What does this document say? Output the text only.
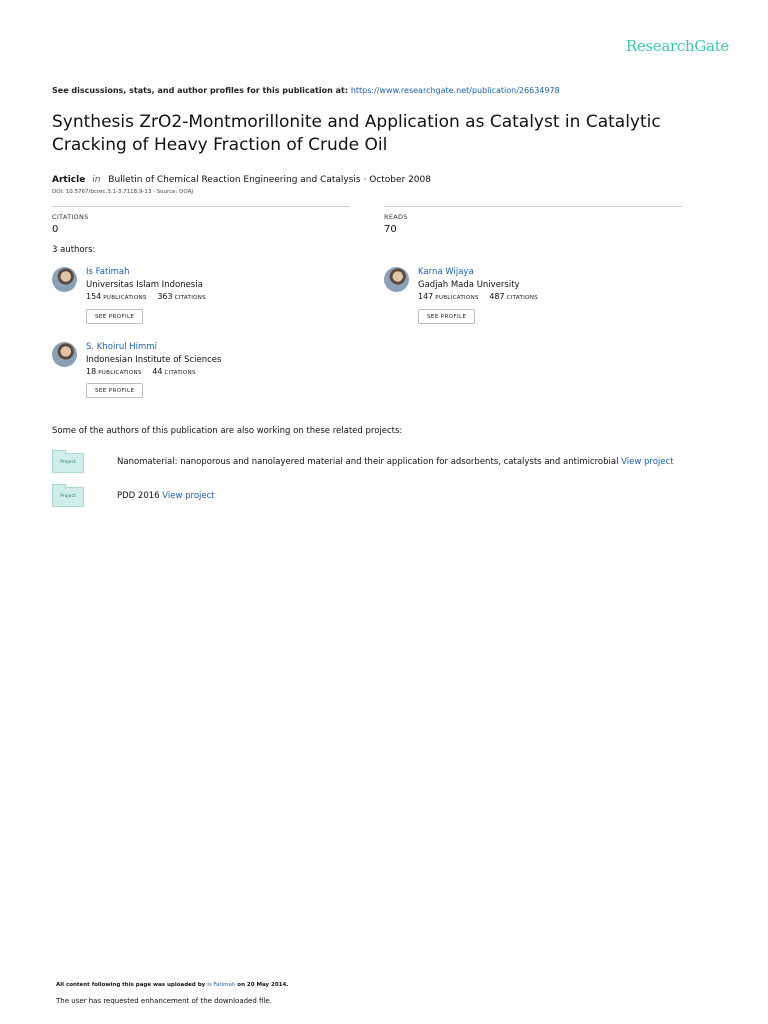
ResearchGate
See discussions, stats, and author profiles for this publication at: https://www.researchgate.net/publication/26634978
Synthesis ZrO2-Montmorillonite and Application as Catalyst in Catalytic Cracking of Heavy Fraction of Crude Oil
Article in Bulletin of Chemical Reaction Engineering and Catalysis · October 2008
DOI: 10.5767/bcrec.3.1-3.7118.9-13 · Source: DOAJ
CITATIONS
0
READS
70
3 authors:
Is Fatimah
Universitas Islam Indonesia
154 PUBLICATIONS 363 CITATIONS
SEE PROFILE
Karna Wijaya
Gadjah Mada University
147 PUBLICATIONS 487 CITATIONS
SEE PROFILE
S. Khoirul Himmi
Indonesian Institute of Sciences
18 PUBLICATIONS 44 CITATIONS
SEE PROFILE
Some of the authors of this publication are also working on these related projects:
Project	Nanomaterial: nanoporous and nanolayered material and their application for adsorbents, catalysts and antimicrobial View project
Project	PDD 2016 View project
All content following this page was uploaded by Is Fatimah on 20 May 2014.
The user has requested enhancement of the downloaded file.
